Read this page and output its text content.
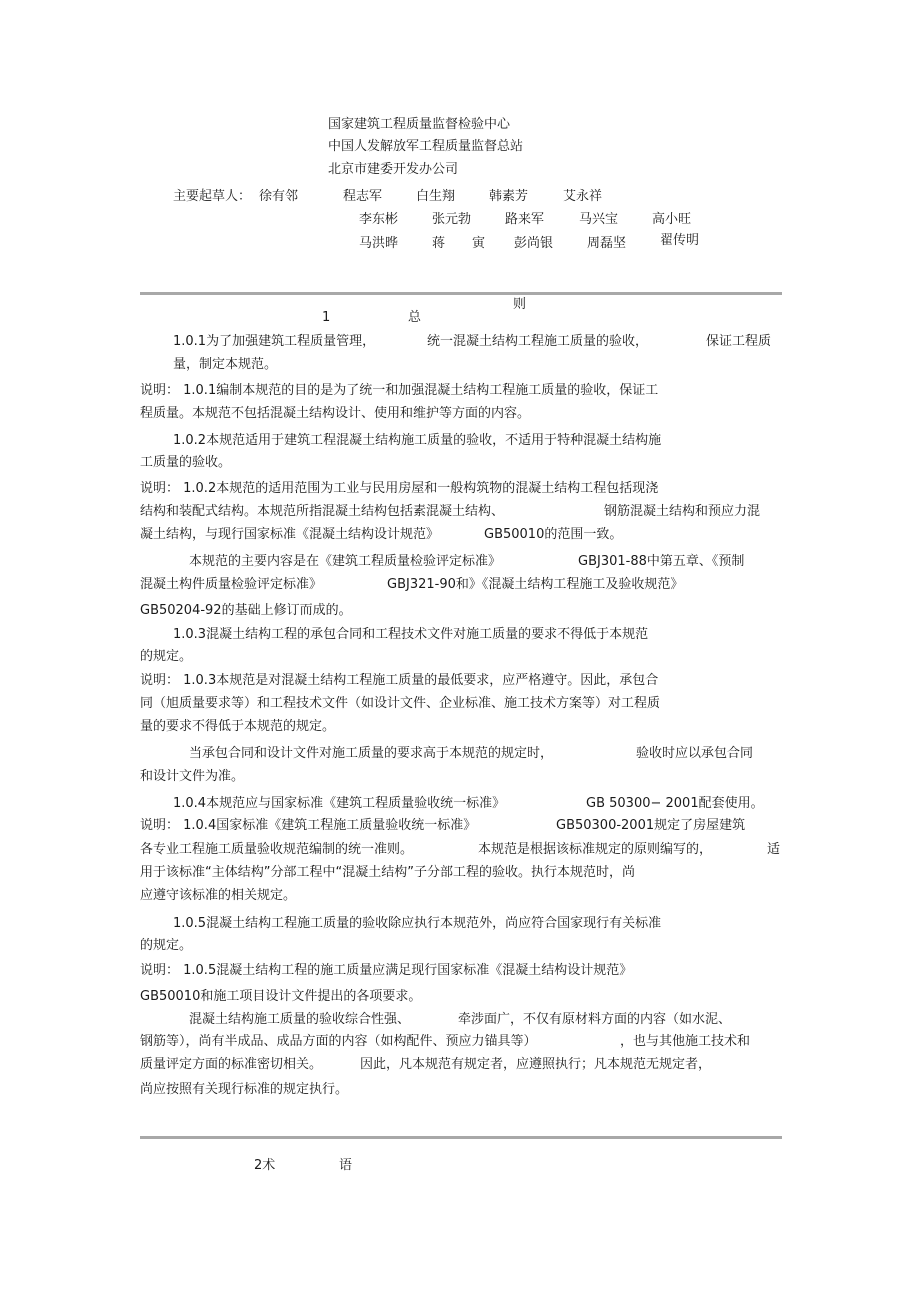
国家建筑工程质量监督检验中心
中国人发解放军工程质量监督总站
北京市建委开发办公司
主要起草人： 徐有邻	程志军	白生翔	韩素芳	艾永祥
李东彬	张元勃	路来军	马兴宝	高小旺
马洪晔	蒋 寅 彭尚银	周磊坚	翟传明
则
1	总
1.0.1为了加强建筑工程质量管理，	统一混凝土结构工程施工质量的验收，	保证工程质
量，制定本规范。
说明： 1.0.1编制本规范的目的是为了统一和加强混凝土结构工程施工质量的验收，保证工
程质量。本规范不包括混凝土结构设计、使用和维护等方面的内容。
1.0.2本规范适用于建筑工程混凝土结构施工质量的验收，不适用于特种混凝土结构施
工质量的验收。
说明： 1.0.2本规范的适用范围为工业与民用房屋和一般构筑物的混凝土结构工程包括现浇
结构和装配式结构。本规范所指混凝土结构包括素混凝土结构、	钢筋混凝土结构和预应力混
凝土结构，与现行国家标准《混凝土结构设计规范》	GB50010的范围一致。
本规范的主要内容是在《建筑工程质量检验评定标准》	GBJ301-88中第五章、《预制
混凝土构件质量检验评定标准》	GBJ321-90和》《混凝土结构工程施工及验收规范》
GB50204-92的基础上修订而成的。
1.0.3混凝土结构工程的承包合同和工程技术文件对施工质量的要求不得低于本规范
的规定。
说明： 1.0.3本规范是对混凝土结构工程施工质量的最低要求，应严格遵守。因此，承包合
同（旭质量要求等）和工程技术文件（如设计文件、企业标准、施工技术方案等）对工程质
量的要求不得低于本规范的规定。
当承包合同和设计文件对施工质量的要求高于本规范的规定时，	验收时应以承包合同
和设计文件为准。
1.0.4本规范应与国家标准《建筑工程质量验收统一标准》	GB 50300− 2001配套使用。
说明： 1.0.4国家标准《建筑工程施工质量验收统一标准》	GB50300-2001规定了房屋建筑
各专业工程施工质量验收规范编制的统一准则。	本规范是根据该标准规定的原则编写的，	适
用于该标准“主体结构”分部工程中“混凝土结构”子分部工程的验收。执行本规范时，尚
应遵守该标准的相关规定。
1.0.5混凝土结构工程施工质量的验收除应执行本规范外，尚应符合国家现行有关标准
的规定。
说明： 1.0.5混凝土结构工程的施工质量应满足现行国家标准《混凝土结构设计规范》
GB50010和施工项目设计文件提出的各项要求。
混凝土结构施工质量的验收综合性强、	牵涉面广，不仅有原材料方面的内容（如水泥、
钢筋等），尚有半成品、成品方面的内容（如构配件、预应力锚具等）	，也与其他施工技术和
质量评定方面的标准密切相关。	因此，凡本规范有规定者，应遵照执行；凡本规范无规定者，
尚应按照有关现行标准的规定执行。
2术	语
